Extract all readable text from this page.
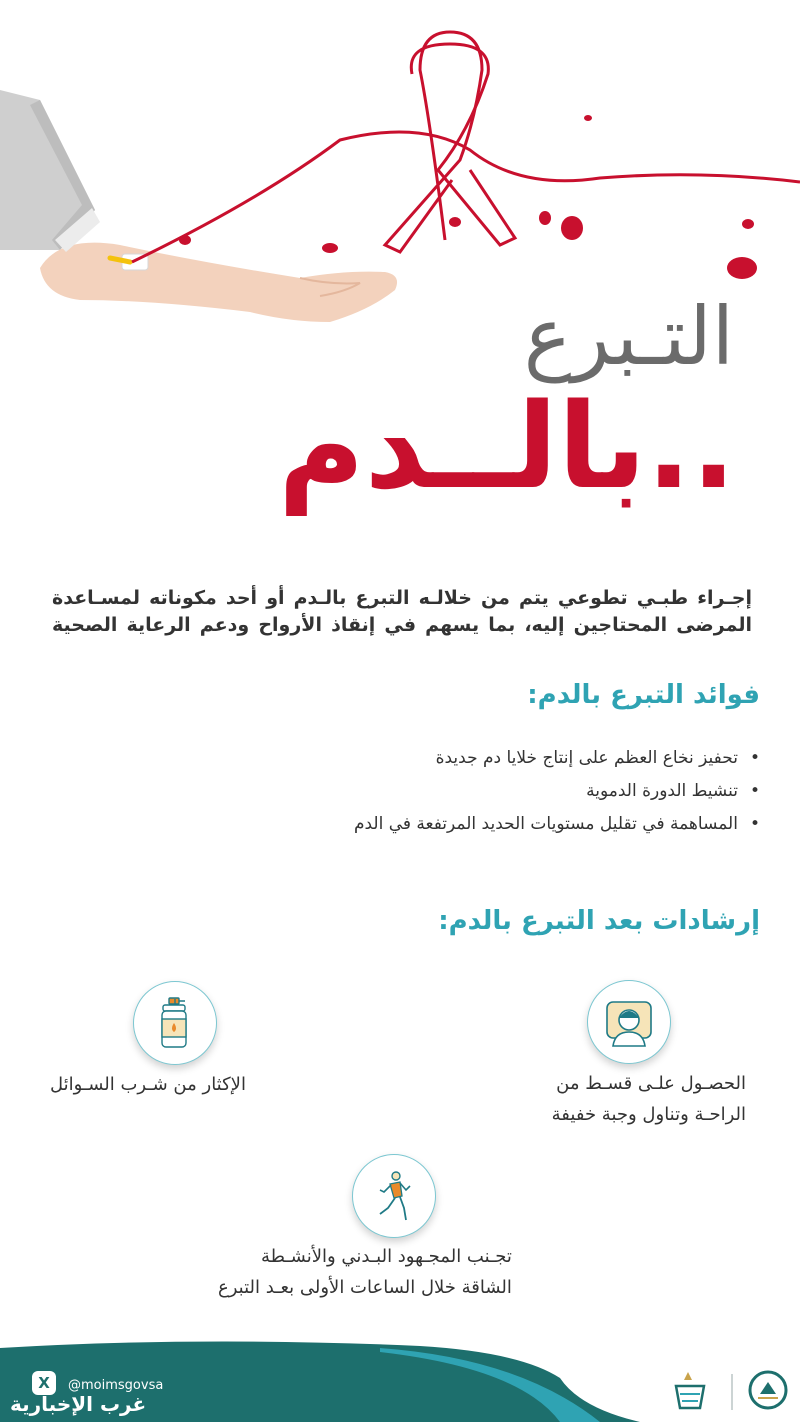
التـبرع
بالــدم..

إجـراء طبـي تطوعي يتم من خلالـه التبرع بالـدم أو أحد مكوناته لمسـاعدة المرضى المحتاجين إليه، بما يسهم في إنقاذ الأرواح ودعم الرعاية الصحية

فوائد التبرع بالدم:
•تحفيز نخاع العظم على إنتاج خلايا دم جديدة
•تنشيط الدورة الدموية
•المساهمة في تقليل مستويات الحديد المرتفعة في الدم
إرشادات بعد التبرع بالدم:

الحصـول علـى قسـط من
الراحـة وتناول وجبة خفيفة

الإكثار من شـرب السـوائل

تجـنب المجـهود البـدني والأنشـطة
الشاقة خلال الساعات الأولى بعـد التبرع

X	@moimsgovsa
غرب الإخبارية
